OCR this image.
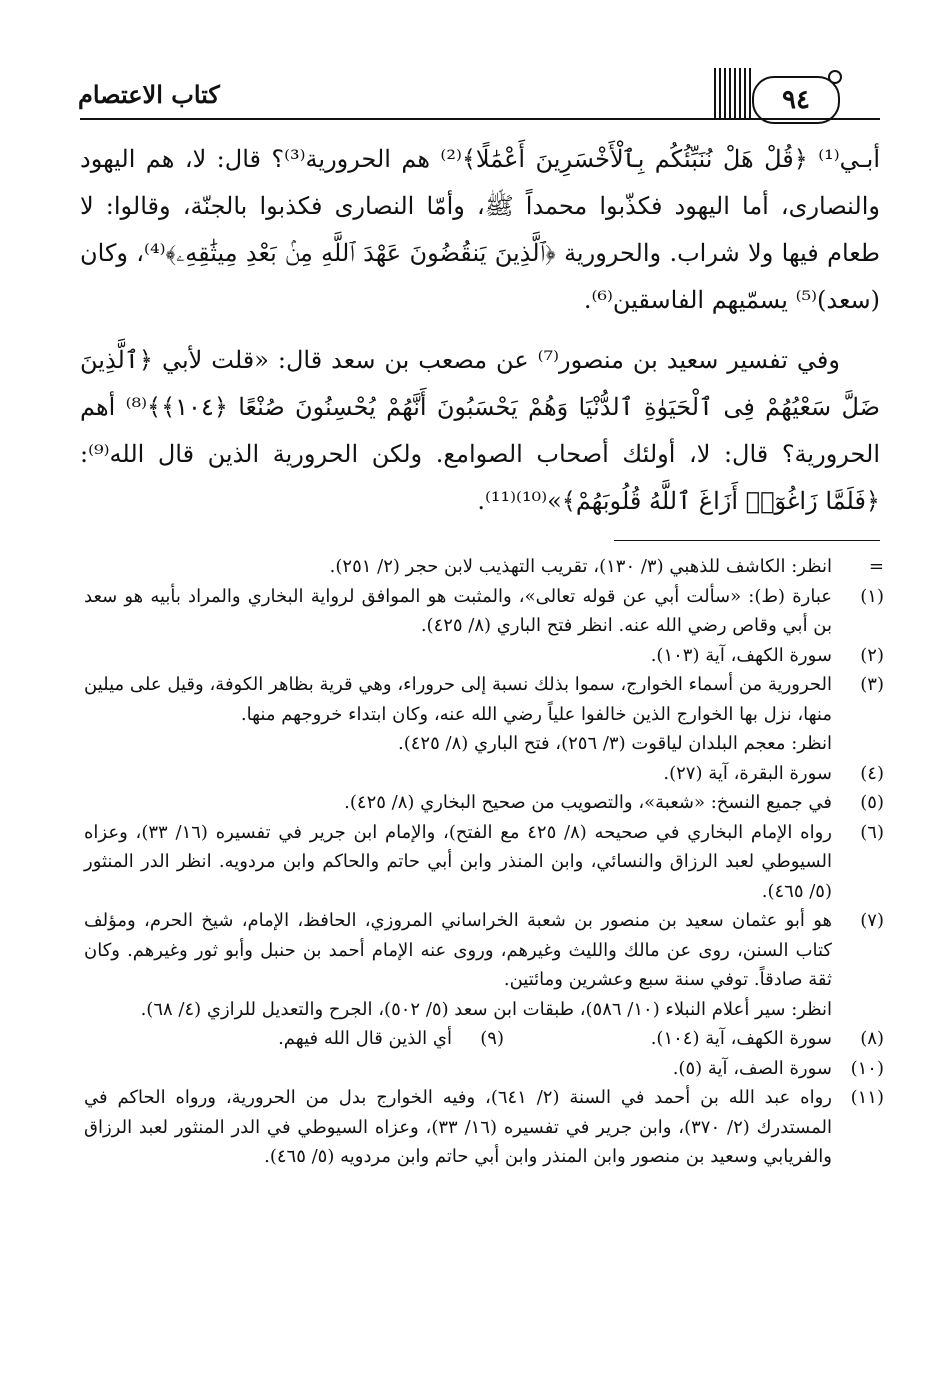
٩٤
كتاب الاعتصام

أبـي⁽¹⁾ ﴿قُلْ هَلْ نُنَبِّئُكُم بِٱلْأَخْسَرِينَ أَعْمَٰلًا﴾⁽²⁾ هم الحرورية⁽³⁾؟ قال: لا، هم اليهود والنصارى، أما اليهود فكذّبوا محمداً ﷺ، وأمّا النصارى فكذبوا بالجنّة، وقالوا: لا طعام فيها ولا شراب. والحرورية ﴿ٱلَّذِينَ يَنقُضُونَ عَهْدَ ٱللَّهِ مِنۢ بَعْدِ مِيثَٰقِهِۦ﴾⁽⁴⁾، وكان (سعد)⁽⁵⁾ يسمّيهم الفاسقين⁽⁶⁾.

وفي تفسير سعيد بن منصور⁽⁷⁾ عن مصعب بن سعد قال: «قلت لأبي ﴿ٱلَّذِينَ ضَلَّ سَعْيُهُمْ فِى ٱلْحَيَوٰةِ ٱلدُّنْيَا وَهُمْ يَحْسَبُونَ أَنَّهُمْ يُحْسِنُونَ صُنْعًا ﴿١٠٤﴾﴾⁽⁸⁾ أهم الحرورية؟ قال: لا، أولئك أصحاب الصوامع. ولكن الحرورية الذين قال الله⁽⁹⁾: ﴿فَلَمَّا زَاغُوٓا۟ أَزَاغَ ٱللَّهُ قُلُوبَهُمْ﴾»⁽¹⁰⁾⁽¹¹⁾.

=
انظر: الكاشف للذهبي (٣/ ١٣٠)، تقريب التهذيب لابن حجر (٢/ ٢٥١).
(١)
عبارة (ط): «سألت أبي عن قوله تعالى»، والمثبت هو الموافق لرواية البخاري والمراد بأبيه هو سعد بن أبي وقاص رضي الله عنه. انظر فتح الباري (٨/ ٤٢٥).
(٢)
سورة الكهف، آية (١٠٣).
(٣)
الحرورية من أسماء الخوارج، سموا بذلك نسبة إلى حروراء، وهي قرية بظاهر الكوفة، وقيل على ميلين منها، نزل بها الخوارج الذين خالفوا علياً رضي الله عنه، وكان ابتداء خروجهم منها.
انظر: معجم البلدان لياقوت (٣/ ٢٥٦)، فتح الباري (٨/ ٤٢٥).
(٤)
سورة البقرة، آية (٢٧).
(٥)
في جميع النسخ: «شعبة»، والتصويب من صحيح البخاري (٨/ ٤٢٥).
(٦)
رواه الإمام البخاري في صحيحه (٨/ ٤٢٥ مع الفتح)، والإمام ابن جرير في تفسيره (١٦/ ٣٣)، وعزاه السيوطي لعبد الرزاق والنسائي، وابن المنذر وابن أبي حاتم والحاكم وابن مردويه. انظر الدر المنثور (٥/ ٤٦٥).
(٧)
هو أبو عثمان سعيد بن منصور بن شعبة الخراساني المروزي، الحافظ، الإمام، شيخ الحرم، ومؤلف كتاب السنن، روى عن مالك والليث وغيرهم، وروى عنه الإمام أحمد بن حنبل وأبو ثور وغيرهم. وكان ثقة صادقاً. توفي سنة سبع وعشرين ومائتين.
انظر: سير أعلام النبلاء (١٠/ ٥٨٦)، طبقات ابن سعد (٥/ ٥٠٢)، الجرح والتعديل للرازي (٤/ ٦٨).
(٨)
سورة الكهف، آية (١٠٤).
(٩)
أي الذين قال الله فيهم.
(١٠)
سورة الصف، آية (٥).
(١١)
رواه عبد الله بن أحمد في السنة (٢/ ٦٤١)، وفيه الخوارج بدل من الحرورية، ورواه الحاكم في المستدرك (٢/ ٣٧٠)، وابن جرير في تفسيره (١٦/ ٣٣)، وعزاه السيوطي في الدر المنثور لعبد الرزاق والفريابي وسعيد بن منصور وابن المنذر وابن أبي حاتم وابن مردويه (٥/ ٤٦٥).
